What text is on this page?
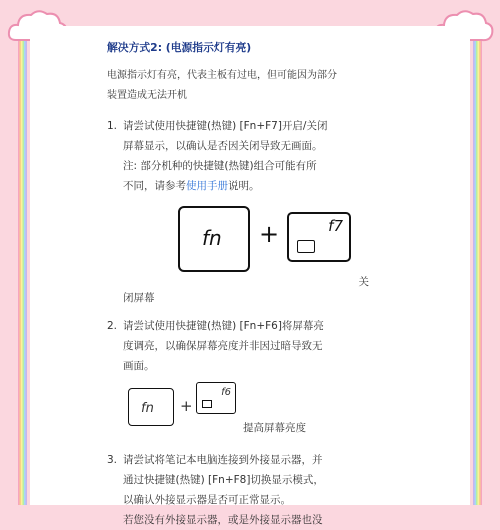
解决方式2: (电源指示灯有亮)
电源指示灯有亮，代表主板有过电，但可能因为部分
装置造成无法开机
1. 请尝试使用快捷键(热键) [Fn+F7]开启/关闭
屏幕显示，以确认是否因关闭导致无画面。
注: 部分机种的快捷键(热键)组合可能有所
不同，请参考使用手册说明。
fn +	f7
关
闭屏幕
2. 请尝试使用快捷键(热键) [Fn+F6]将屏幕亮
度调亮，以确保屏幕亮度并非因过暗导致无
画面。
fn +
f6
提高屏幕亮度
3. 请尝试将笔记本电脑连接到外接显示器，并
通过快捷键(热键) [Fn+F8]切换显示模式，
以确认外接显示器是否可正常显示。
若您没有外接显示器，或是外接显示器也没
